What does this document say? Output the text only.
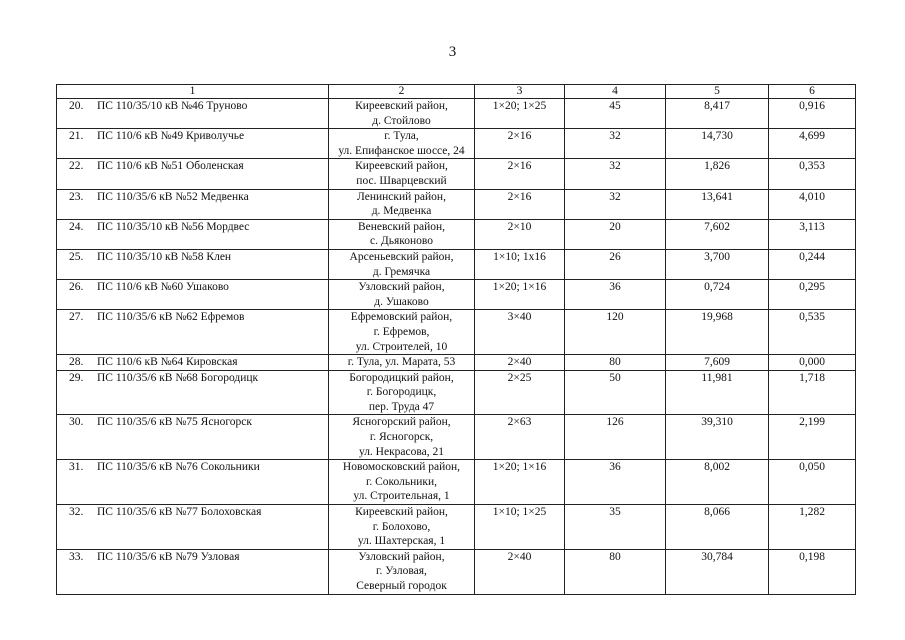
3
1	2	3	4	5	6
20. ПС 110/35/10 кВ №46 Труново	Киреевский район,
д. Стойлово	1×20; 1×25	45	8,417	0,916
21. ПС 110/6 кВ №49 Криволучье	г. Тула,
ул. Епифанское шоссе, 24	2×16	32	14,730	4,699
22. ПС 110/6 кВ №51 Оболенская	Киреевский район,
пос. Шварцевский	2×16	32	1,826	0,353
23. ПС 110/35/6 кВ №52 Медвенка	Ленинский район,
д. Медвенка	2×16	32	13,641	4,010
24. ПС 110/35/10 кВ №56 Мордвес	Веневский район,
с. Дьяконово	2×10	20	7,602	3,113
25. ПС 110/35/10 кВ №58 Клен	Арсеньевский район,
д. Гремячка	1×10; 1x16	26	3,700	0,244
26. ПС 110/6 кВ №60 Ушаково	Узловский район,
д. Ушаково	1×20; 1×16	36	0,724	0,295
27. ПС 110/35/6 кВ №62 Ефремов	Ефремовский район,
г. Ефремов,
ул. Строителей, 10	3×40	120	19,968	0,535
28. ПС 110/6 кВ №64 Кировская	г. Тула, ул. Марата, 53	2×40	80	7,609	0,000
29. ПС 110/35/6 кВ №68 Богородицк	Богородицкий район,
г. Богородицк,
пер. Труда 47	2×25	50	11,981	1,718
30. ПС 110/35/6 кВ №75 Ясногорск	Ясногорский район,
г. Ясногорск,
ул. Некрасова, 21	2×63	126	39,310	2,199
31. ПС 110/35/6 кВ №76 Сокольники	Новомосковский район,
г. Сокольники,
ул. Строительная, 1	1×20; 1×16	36	8,002	0,050
32. ПС 110/35/6 кВ №77 Болоховская	Киреевский район,
г. Болохово,
ул. Шахтерская, 1	1×10; 1×25	35	8,066	1,282
33. ПС 110/35/6 кВ №79 Узловая	Узловский район,
г. Узловая,
Северный городок	2×40	80	30,784	0,198
